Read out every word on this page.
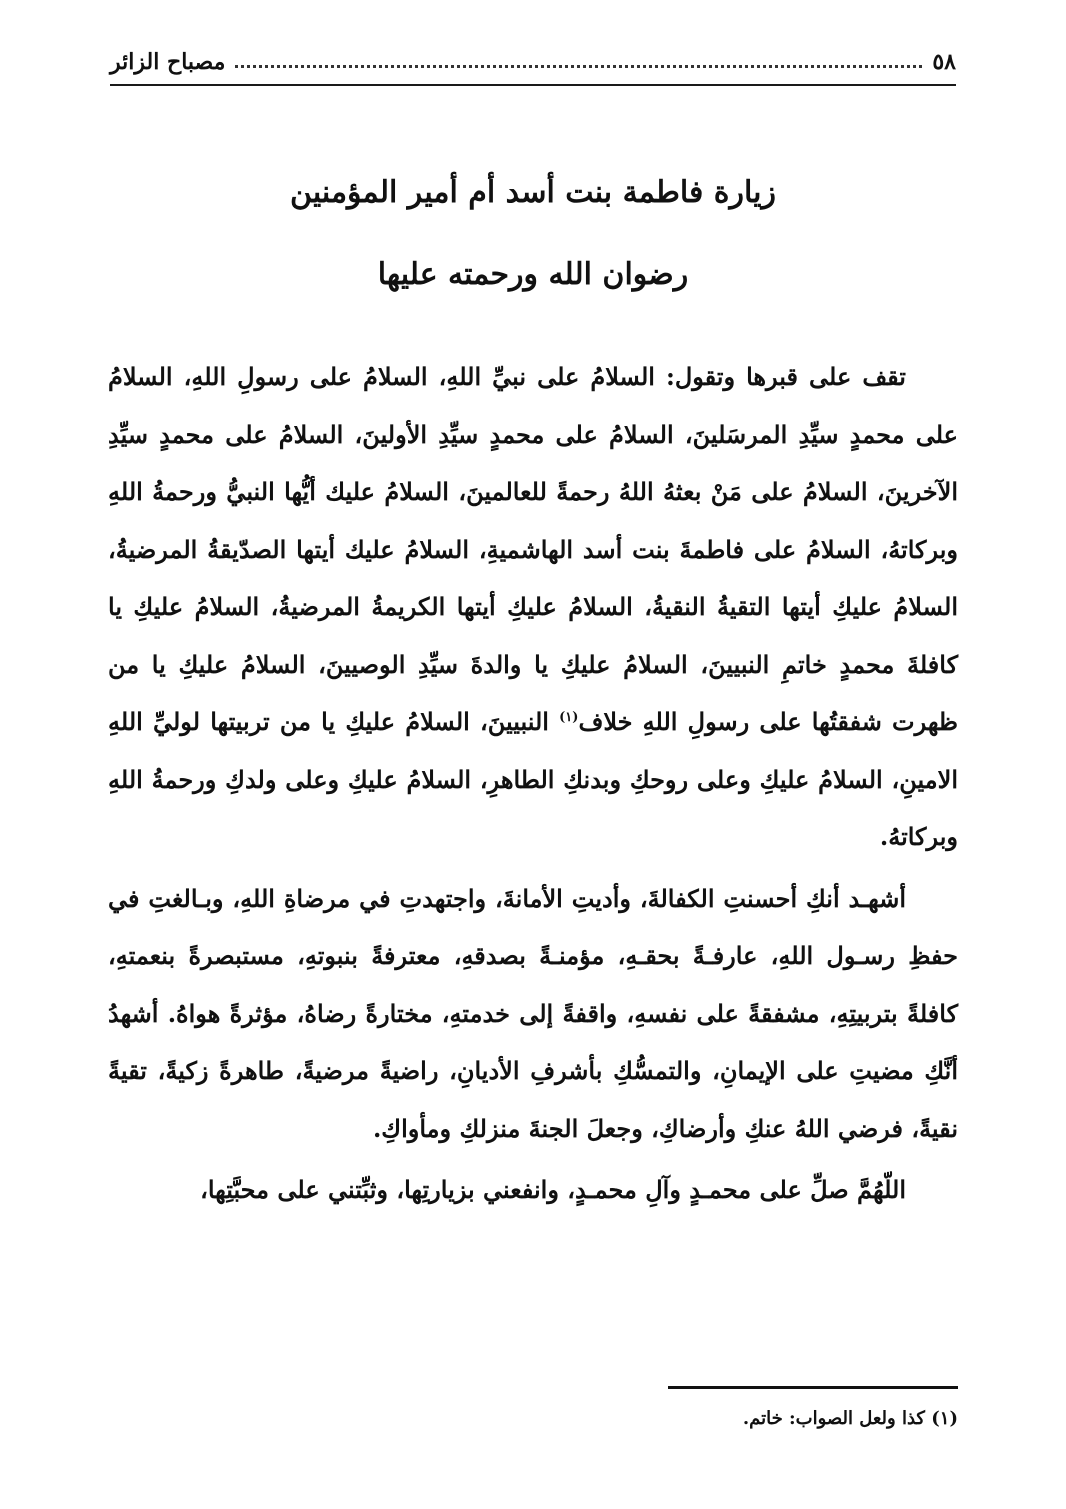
٥٨
مصباح الزائر
زيارة فاطمة بنت أسد أم أمير المؤمنين
رضوان الله ورحمته عليها

تقف على قبرها وتقول: السلامُ على نبيِّ اللهِ، السلامُ على رسولِ اللهِ، السلامُ على محمدٍ سيِّدِ المرسَلينَ، السلامُ على محمدٍ سيِّدِ الأولينَ، السلامُ على محمدٍ سيِّدِ الآخرينَ، السلامُ على مَنْ بعثهُ اللهُ رحمةً للعالمينَ، السلامُ عليك أيُّها النبيُّ ورحمةُ اللهِ وبركاتهُ، السلامُ على فاطمةَ بنت أسد الهاشميةِ، السلامُ عليك أيتها الصدّيقةُ المرضيةُ، السلامُ عليكِ أيتها التقيةُ النقيةُ، السلامُ عليكِ أيتها الكريمةُ المرضيةُ، السلامُ عليكِ يا كافلةَ محمدٍ خاتمِ النبيينَ، السلامُ عليكِ يا والدةَ سيِّدِ الوصيينَ، السلامُ عليكِ يا من ظهرت شفقتُها على رسولِ اللهِ خلاف$^{(١)}$ النبيينَ، السلامُ عليكِ يا من تربيتها لوليِّ اللهِ الامينِ، السلامُ عليكِ وعلى روحكِ وبدنكِ الطاهرِ، السلامُ عليكِ وعلى ولدكِ ورحمةُ اللهِ وبركاتهُ.

أشهـد أنكِ أحسنتِ الكفالةَ، وأديتِ الأمانةَ، واجتهدتِ في مرضاةِ اللهِ، وبـالغتِ في حفظِ رسـول اللهِ، عارفـةً بحقـهِ، مؤمنـةً بصدقهِ، معترفةً بنبوتهِ، مستبصرةً بنعمتهِ، كافلةً بتربيتِهِ، مشفقةً على نفسهِ، واقفةً إلى خدمتهِ، مختارةً رضاهُ، مؤثرةً هواهُ. أشهدُ أنَّكِ مضيتِ على الإيمانِ، والتمسُّكِ بأشرفِ الأديانِ، راضيةً مرضيةً، طاهرةً زكيةً، تقيةً نقيةً، فرضي اللهُ عنكِ وأرضاكِ، وجعلَ الجنةَ منزلكِ ومأواكِ.

اللّهُمَّ صلِّ على محمـدٍ وآلِ محمـدٍ، وانفعني بزيارتِها، وثبِّتني على محبَّتِها،

(١) كذا ولعل الصواب: خاتم.
